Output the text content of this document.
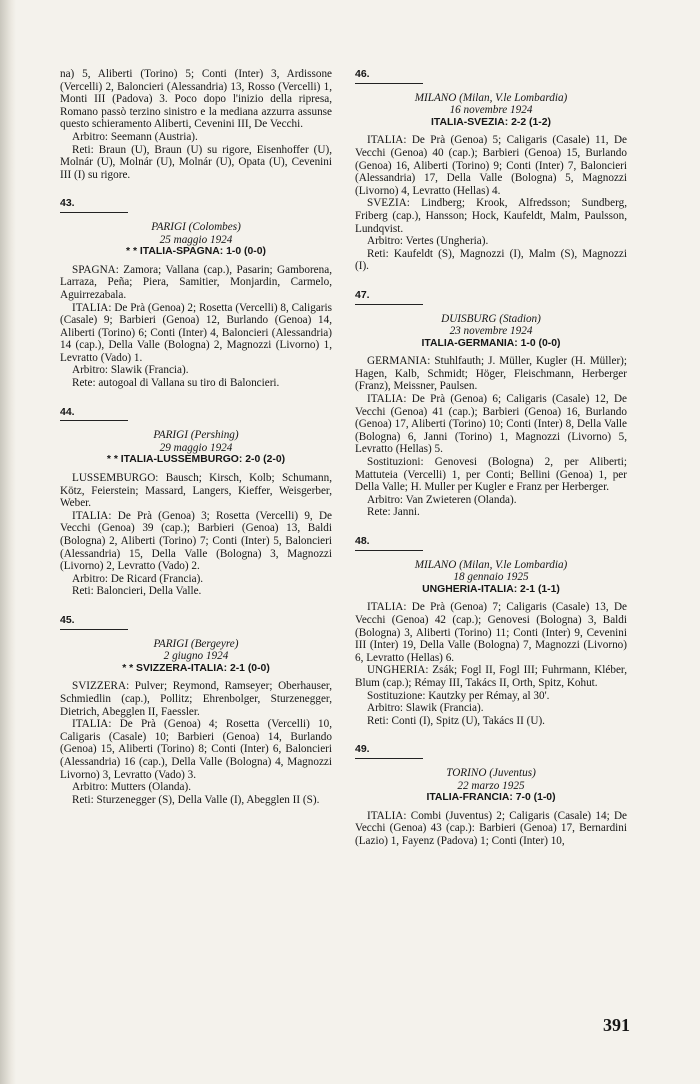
na) 5, Aliberti (Torino) 5; Conti (Inter) 3, Ardissone (Vercelli) 2, Baloncieri (Alessandria) 13, Rosso (Vercelli) 1, Monti III (Padova) 3. Poco dopo l'inizio della ripresa, Romano passò terzino sinistro e la mediana azzurra assunse questo schieramento Aliberti, Cevenini III, De Vecchi.

Arbitro: Seemann (Austria).

Reti: Braun (U), Braun (U) su rigore, Eisenhoffer (U), Molnár (U), Molnár (U), Molnár (U), Opata (U), Cevenini III (I) su rigore.

43.
PARIGI (Colombes)
25 maggio 1924
* * ITALIA-SPAGNA: 1-0 (0-0)

SPAGNA: Zamora; Vallana (cap.), Pasarin; Gamborena, Larraza, Peña; Piera, Samitier, Monjardin, Carmelo, Aguirrezabala.

ITALIA: De Prà (Genoa) 2; Rosetta (Vercelli) 8, Caligaris (Casale) 9; Barbieri (Genoa) 12, Burlando (Genoa) 14, Aliberti (Torino) 6; Conti (Inter) 4, Baloncieri (Alessandria) 14 (cap.), Della Valle (Bologna) 2, Magnozzi (Livorno) 1, Levratto (Vado) 1.

Arbitro: Slawik (Francia).

Rete: autogoal di Vallana su tiro di Baloncieri.

44.
PARIGI (Pershing)
29 maggio 1924
* * ITALIA-LUSSEMBURGO: 2-0 (2-0)

LUSSEMBURGO: Bausch; Kirsch, Kolb; Schumann, Kötz, Feierstein; Massard, Langers, Kieffer, Weisgerber, Weber.

ITALIA: De Prà (Genoa) 3; Rosetta (Vercelli) 9, De Vecchi (Genoa) 39 (cap.); Barbieri (Genoa) 13, Baldi (Bologna) 2, Aliberti (Torino) 7; Conti (Inter) 5, Baloncieri (Alessandria) 15, Della Valle (Bologna) 3, Magnozzi (Livorno) 2, Levratto (Vado) 2.

Arbitro: De Ricard (Francia).

Reti: Baloncieri, Della Valle.

45.
PARIGI (Bergeyre)
2 giugno 1924
* * SVIZZERA-ITALIA: 2-1 (0-0)

SVIZZERA: Pulver; Reymond, Ramseyer; Oberhauser, Schmiedlin (cap.), Pollitz; Ehrenbolger, Sturzenegger, Dietrich, Abegglen II, Faessler.

ITALIA: De Prà (Genoa) 4; Rosetta (Vercelli) 10, Caligaris (Casale) 10; Barbieri (Genoa) 14, Burlando (Genoa) 15, Aliberti (Torino) 8; Conti (Inter) 6, Baloncieri (Alessandria) 16 (cap.), Della Valle (Bologna) 4, Magnozzi Livorno) 3, Levratto (Vado) 3.

Arbitro: Mutters (Olanda).

Reti: Sturzenegger (S), Della Valle (I), Abegglen II (S).

46.
MILANO (Milan, V.le Lombardia)
16 novembre 1924
ITALIA-SVEZIA: 2-2 (1-2)

ITALIA: De Prà (Genoa) 5; Caligaris (Casale) 11, De Vecchi (Genoa) 40 (cap.); Barbieri (Genoa) 15, Burlando (Genoa) 16, Aliberti (Torino) 9; Conti (Inter) 7, Baloncieri (Alessandria) 17, Della Valle (Bologna) 5, Magnozzi (Livorno) 4, Levratto (Hellas) 4.

SVEZIA: Lindberg; Krook, Alfredsson; Sundberg, Friberg (cap.), Hansson; Hock, Kaufeldt, Malm, Paulsson, Lundqvist.

Arbitro: Vertes (Ungheria).

Reti: Kaufeldt (S), Magnozzi (I), Malm (S), Magnozzi (I).

47.
DUISBURG (Stadion)
23 novembre 1924
ITALIA-GERMANIA: 1-0 (0-0)

GERMANIA: Stuhlfauth; J. Müller, Kugler (H. Müller); Hagen, Kalb, Schmidt; Höger, Fleischmann, Herberger (Franz), Meissner, Paulsen.

ITALIA: De Prà (Genoa) 6; Caligaris (Casale) 12, De Vecchi (Genoa) 41 (cap.); Barbieri (Genoa) 16, Burlando (Genoa) 17, Aliberti (Torino) 10; Conti (Inter) 8, Della Valle (Bologna) 6, Janni (Torino) 1, Magnozzi (Livorno) 5, Levratto (Hellas) 5.

Sostituzioni: Genovesi (Bologna) 2, per Aliberti; Mattuteia (Vercelli) 1, per Conti; Bellini (Genoa) 1, per Della Valle; H. Muller per Kugler e Franz per Herberger.

Arbitro: Van Zwieteren (Olanda).

Rete: Janni.

48.
MILANO (Milan, V.le Lombardia)
18 gennaio 1925
UNGHERIA-ITALIA: 2-1 (1-1)

ITALIA: De Prà (Genoa) 7; Caligaris (Casale) 13, De Vecchi (Genoa) 42 (cap.); Genovesi (Bologna) 3, Baldi (Bologna) 3, Aliberti (Torino) 11; Conti (Inter) 9, Cevenini III (Inter) 19, Della Valle (Bologna) 7, Magnozzi (Livorno) 6, Levratto (Hellas) 6.

UNGHERIA: Zsák; Fogl II, Fogl III; Fuhrmann, Kléber, Blum (cap.); Rémay III, Takács II, Orth, Spitz, Kohut.

Sostituzione: Kautzky per Rémay, al 30'.

Arbitro: Slawik (Francia).

Reti: Conti (I), Spitz (U), Takács II (U).

49.
TORINO (Juventus)
22 marzo 1925
ITALIA-FRANCIA: 7-0 (1-0)

ITALIA: Combi (Juventus) 2; Caligaris (Casale) 14; De Vecchi (Genoa) 43 (cap.): Barbieri (Genoa) 17, Bernardini (Lazio) 1, Fayenz (Padova) 1; Conti (Inter) 10,

391
